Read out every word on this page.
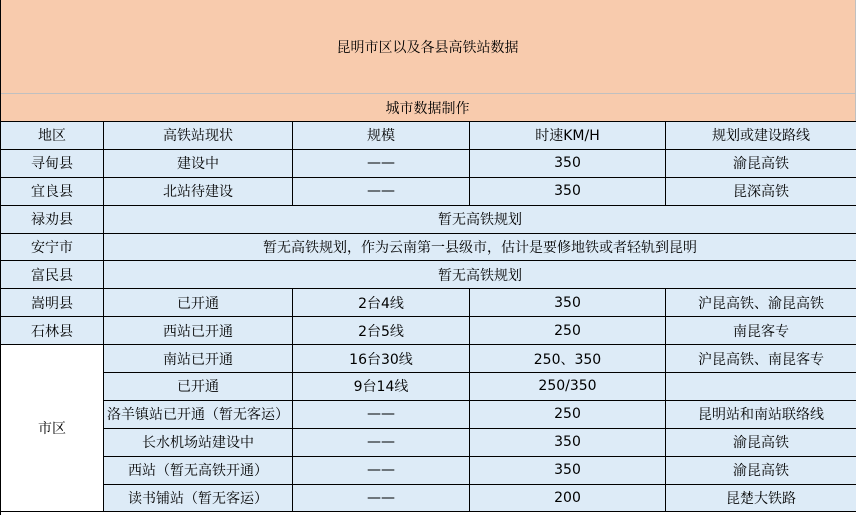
昆明市区以及各县高铁站数据
城市数据制作
地区	高铁站现状	规模	时速KM/H	规划或建设路线
寻甸县	建设中	——	350	渝昆高铁
宜良县	北站待建设	——	350	昆深高铁
禄劝县	暂无高铁规划			
安宁市	暂无高铁规划，作为云南第一县级市，估计是要修地铁或者轻轨到昆明			
富民县	暂无高铁规划			
嵩明县	已开通	2台4线	350	沪昆高铁、渝昆高铁
石林县	西站已开通	2台5线	250	南昆客专
市区	南站已开通	16台30线	250、350	沪昆高铁、南昆客专
	已开通	9台14线	250/350	
	洛羊镇站已开通（暂无客运）	——	250	昆明站和南站联络线
	长水机场站建设中	——	350	渝昆高铁
	西站（暂无高铁开通）	——	350	渝昆高铁
	读书铺站（暂无客运）	——	200	昆楚大铁路
